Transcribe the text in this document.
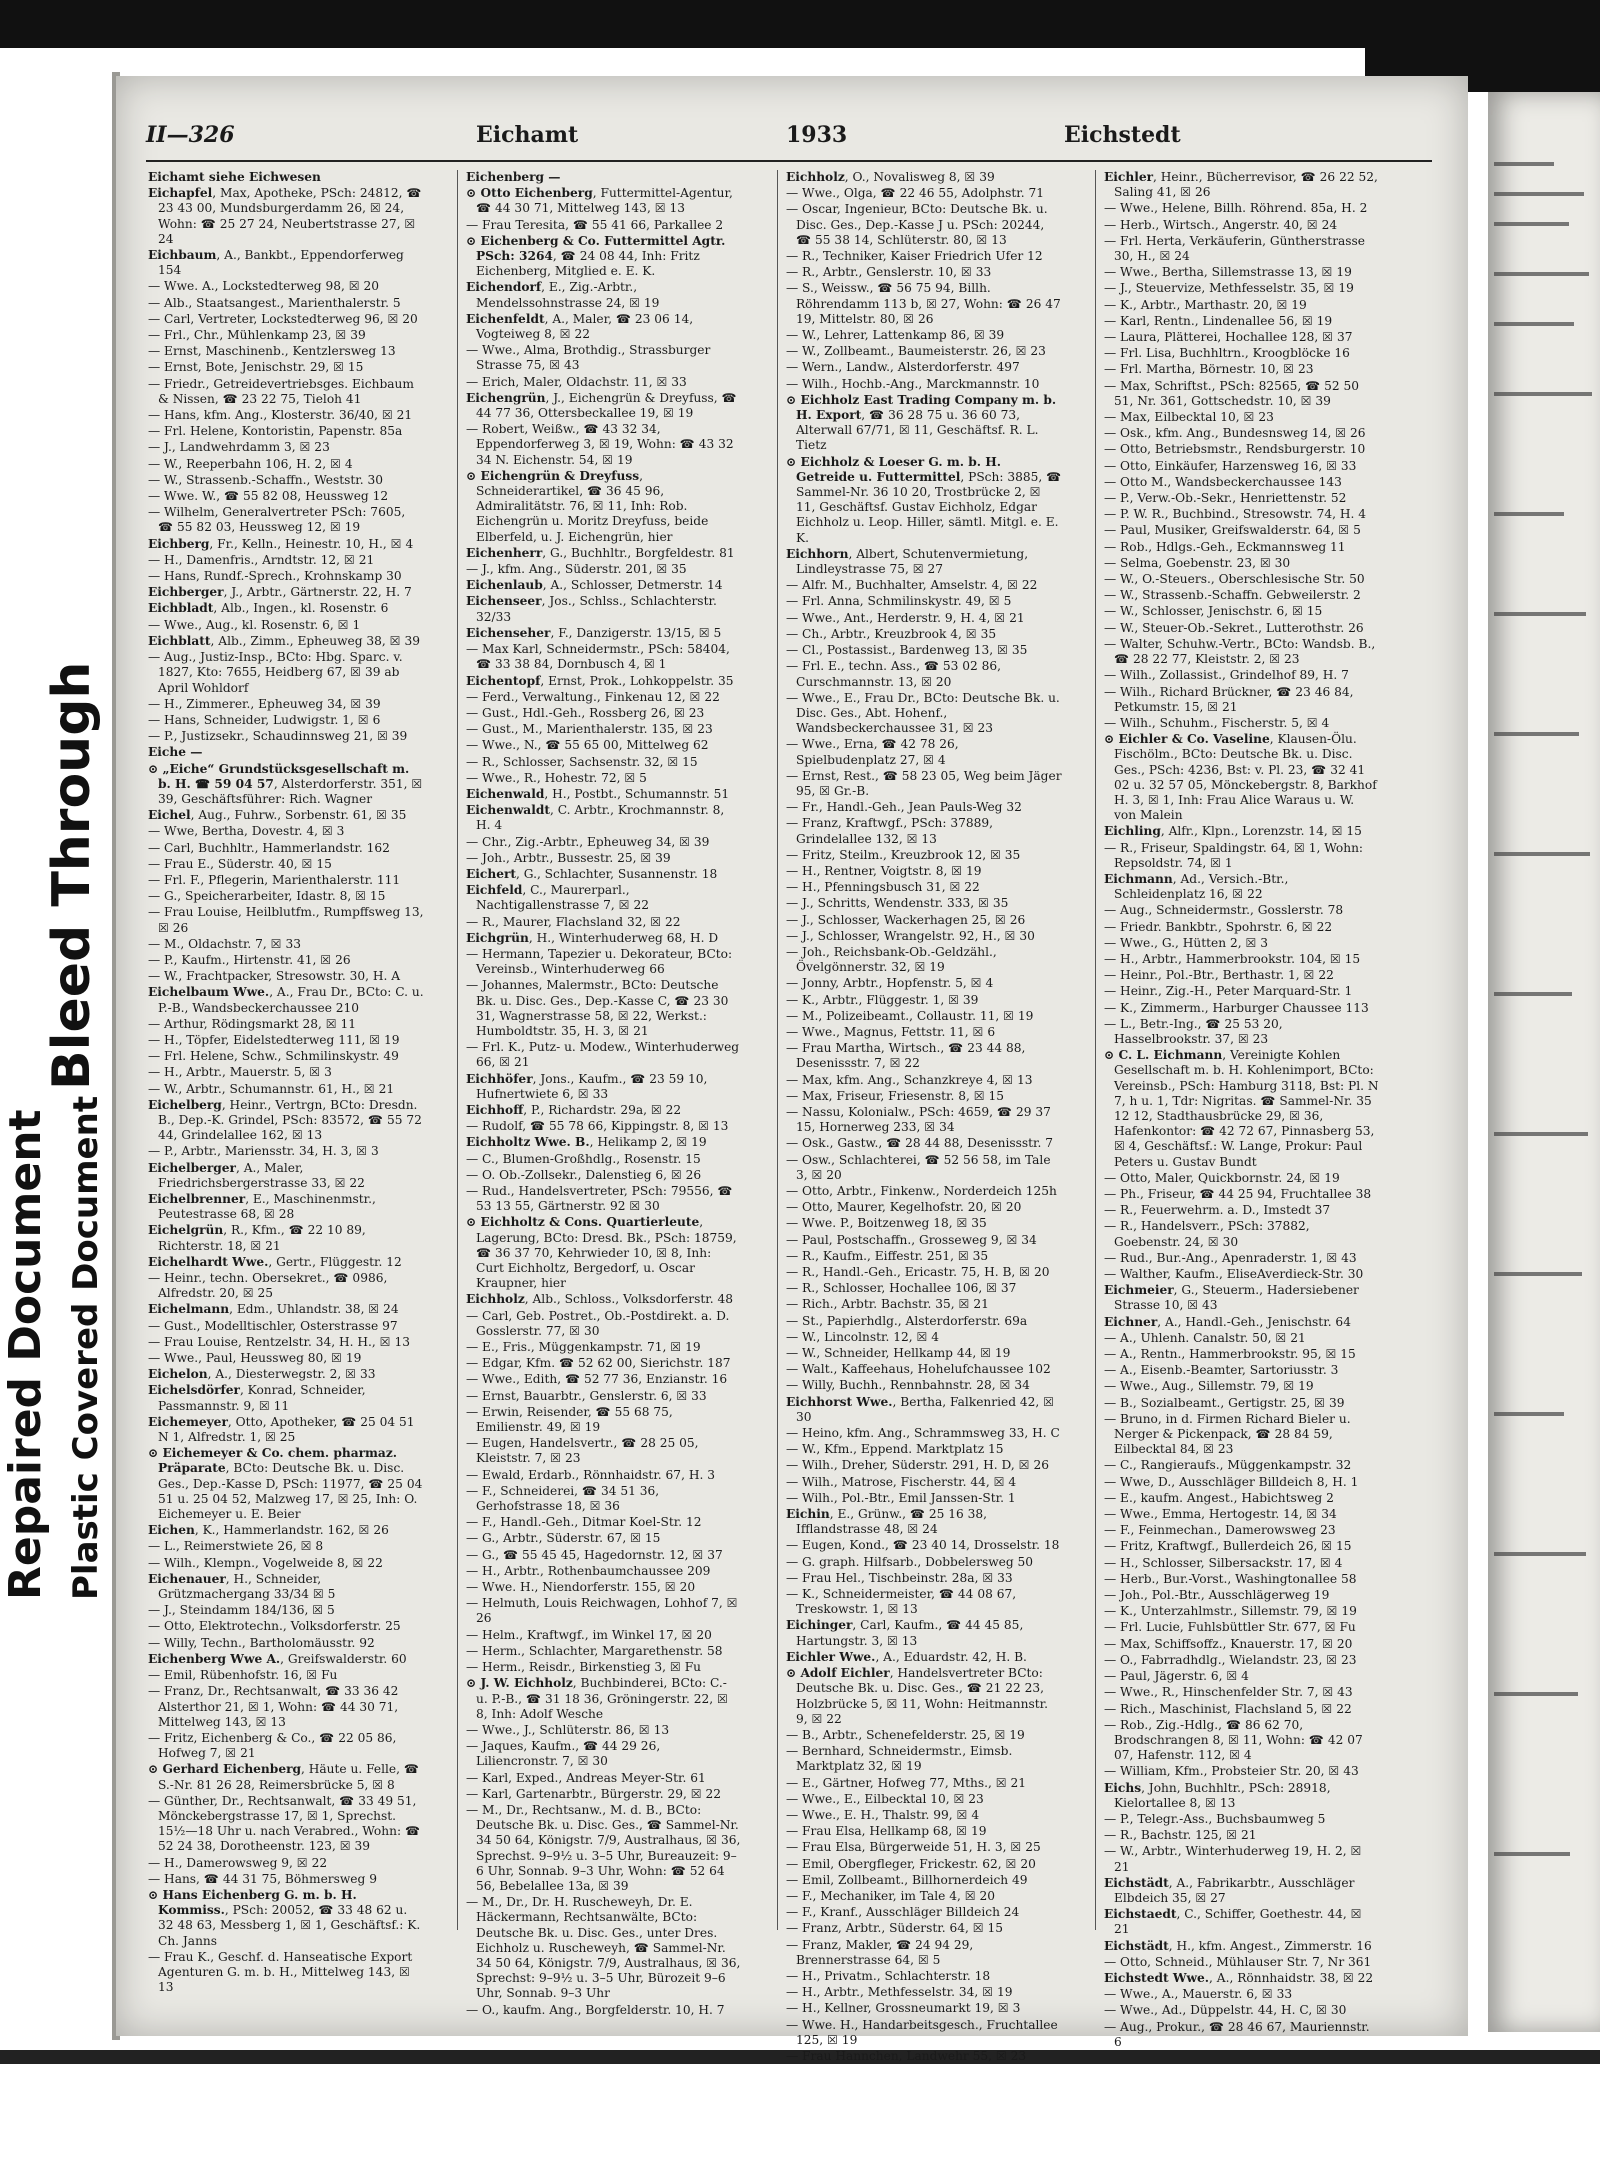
Repaired Document Plastic Covered Document
Bleed Through
II—326	Eichamt	1933	Eichstedt
Eichamt siehe Eichwesen
Eichapfel, Max, Apotheke, PSch: 24812, ☎ 23 43 00, Mundsburgerdamm 26, ☒ 24, Wohn: ☎ 25 27 24, Neubertstrasse 27, ☒ 24
Eichbaum, A., Bankbt., Eppendorferweg 154
— Wwe. A., Lockstedterweg 98, ☒ 20
— Alb., Staatsangest., Marienthalerstr. 5
— Carl, Vertreter, Lockstedterweg 96, ☒ 20
— Frl., Chr., Mühlenkamp 23, ☒ 39
— Ernst, Maschinenb., Kentzlersweg 13
— Ernst, Bote, Jenischstr. 29, ☒ 15
— Friedr., Getreidevertriebsges. Eichbaum & Nissen, ☎ 23 22 75, Tieloh 41
— Hans, kfm. Ang., Klosterstr. 36/40, ☒ 21
— Frl. Helene, Kontoristin, Papenstr. 85a
— J., Landwehrdamm 3, ☒ 23
— W., Reeperbahn 106, H. 2, ☒ 4
— W., Strassenb.-Schaffn., Weststr. 30
— Wwe. W., ☎ 55 82 08, Heussweg 12
— Wilhelm, Generalvertreter PSch: 7605, ☎ 55 82 03, Heussweg 12, ☒ 19
Eichberg, Fr., Kelln., Heinestr. 10, H., ☒ 4
— H., Damenfris., Arndtstr. 12, ☒ 21
— Hans, Rundf.-Sprech., Krohnskamp 30
Eichberger, J., Arbtr., Gärtnerstr. 22, H. 7
Eichbladt, Alb., Ingen., kl. Rosenstr. 6
— Wwe., Aug., kl. Rosenstr. 6, ☒ 1
Eichblatt, Alb., Zimm., Epheuweg 38, ☒ 39
— Aug., Justiz-Insp., BCto: Hbg. Sparc. v. 1827, Kto: 7655, Heidberg 67, ☒ 39 ab April Wohldorf
— H., Zimmerer., Epheuweg 34, ☒ 39
— Hans, Schneider, Ludwigstr. 1, ☒ 6
— P., Justizsekr., Schaudinnsweg 21, ☒ 39
Eiche —
⊙ „Eiche“ Grundstücksgesellschaft m. b. H. ☎ 59 04 57, Alsterdorferstr. 351, ☒ 39, Geschäftsführer: Rich. Wagner
Eichel, Aug., Fuhrw., Sorbenstr. 61, ☒ 35
— Wwe, Bertha, Dovestr. 4, ☒ 3
— Carl, Buchhltr., Hammerlandstr. 162
— Frau E., Süderstr. 40, ☒ 15
— Frl. F., Pflegerin, Marienthalerstr. 111
— G., Speicherarbeiter, Idastr. 8, ☒ 15
— Frau Louise, Heilblutfm., Rumpffsweg 13, ☒ 26
— M., Oldachstr. 7, ☒ 33
— P., Kaufm., Hirtenstr. 41, ☒ 26
— W., Frachtpacker, Stresowstr. 30, H. A
Eichelbaum Wwe., A., Frau Dr., BCto: C. u. P.-B., Wandsbeckerchaussee 210
— Arthur, Rödingsmarkt 28, ☒ 11
— H., Töpfer, Eidelstedterweg 111, ☒ 19
— Frl. Helene, Schw., Schmilinskystr. 49
— H., Arbtr., Mauerstr. 5, ☒ 3
— W., Arbtr., Schumannstr. 61, H., ☒ 21
Eichelberg, Heinr., Vertrgn, BCto: Dresdn. B., Dep.-K. Grindel, PSch: 83572, ☎ 55 72 44, Grindelallee 162, ☒ 13
— P., Arbtr., Mariensstr. 34, H. 3, ☒ 3
Eichelberger, A., Maler, Friedrichsbergerstrasse 33, ☒ 22
Eichelbrenner, E., Maschinenmstr., Peutestrasse 68, ☒ 28
Eichelgrün, R., Kfm., ☎ 22 10 89, Richterstr. 18, ☒ 21
Eichelhardt Wwe., Gertr., Flüggestr. 12
— Heinr., techn. Obersekret., ☎ 0986, Alfredstr. 20, ☒ 25
Eichelmann, Edm., Uhlandstr. 38, ☒ 24
— Gust., Modelltischler, Osterstrasse 97
— Frau Louise, Rentzelstr. 34, H. H., ☒ 13
— Wwe., Paul, Heussweg 80, ☒ 19
Eichelon, A., Diesterwegstr. 2, ☒ 33
Eichelsdörfer, Konrad, Schneider, Passmannstr. 9, ☒ 11
Eichemeyer, Otto, Apotheker, ☎ 25 04 51 N 1, Alfredstr. 1, ☒ 25
⊙ Eichemeyer & Co. chem. pharmaz. Präparate, BCto: Deutsche Bk. u. Disc. Ges., Dep.-Kasse D, PSch: 11977, ☎ 25 04 51 u. 25 04 52, Malzweg 17, ☒ 25, Inh: O. Eichemeyer u. E. Beier
Eichen, K., Hammerlandstr. 162, ☒ 26
— L., Reimerstwiete 26, ☒ 8
— Wilh., Klempn., Vogelweide 8, ☒ 22
Eichenauer, H., Schneider, Grützmachergang 33/34 ☒ 5
— J., Steindamm 184/136, ☒ 5
— Otto, Elektrotechn., Volksdorferstr. 25
— Willy, Techn., Bartholomäusstr. 92
Eichenberg Wwe A., Greifswalderstr. 60
— Emil, Rübenhofstr. 16, ☒ Fu
— Franz, Dr., Rechtsanwalt, ☎ 33 36 42 Alsterthor 21, ☒ 1, Wohn: ☎ 44 30 71, Mittelweg 143, ☒ 13
— Fritz, Eichenberg & Co., ☎ 22 05 86, Hofweg 7, ☒ 21
⊙ Gerhard Eichenberg, Häute u. Felle, ☎ S.-Nr. 81 26 28, Reimersbrücke 5, ☒ 8
— Günther, Dr., Rechtsanwalt, ☎ 33 49 51, Mönckebergstrasse 17, ☒ 1, Sprechst. 15½—18 Uhr u. nach Verabred., Wohn: ☎ 52 24 38, Dorotheenstr. 123, ☒ 39
— H., Damerowsweg 9, ☒ 22
— Hans, ☎ 44 31 75, Böhmersweg 9
⊙ Hans Eichenberg G. m. b. H. Kommiss., PSch: 20052, ☎ 33 48 62 u. 32 48 63, Messberg 1, ☒ 1, Geschäftsf.: K. Ch. Janns
— Frau K., Geschf. d. Hanseatische Export Agenturen G. m. b. H., Mittelweg 143, ☒ 13
Eichenberg —
⊙ Otto Eichenberg, Futtermittel-Agentur, ☎ 44 30 71, Mittelweg 143, ☒ 13
— Frau Teresita, ☎ 55 41 66, Parkallee 2
⊙ Eichenberg & Co. Futtermittel Agtr. PSch: 3264, ☎ 24 08 44, Inh: Fritz Eichenberg, Mitglied e. E. K.
Eichendorf, E., Zig.-Arbtr., Mendelssohnstrasse 24, ☒ 19
Eichenfeldt, A., Maler, ☎ 23 06 14, Vogteiweg 8, ☒ 22
— Wwe., Alma, Brothdig., Strassburger Strasse 75, ☒ 43
— Erich, Maler, Oldachstr. 11, ☒ 33
Eichengrün, J., Eichengrün & Dreyfuss, ☎ 44 77 36, Ottersbeckallee 19, ☒ 19
— Robert, Weißw., ☎ 43 32 34, Eppendorferweg 3, ☒ 19, Wohn: ☎ 43 32 34 N. Eichenstr. 54, ☒ 19
⊙ Eichengrün & Dreyfuss, Schneiderartikel, ☎ 36 45 96, Admiralitätstr. 76, ☒ 11, Inh: Rob. Eichengrün u. Moritz Dreyfuss, beide Elberfeld, u. J. Eichengrün, hier
Eichenherr, G., Buchhltr., Borgfeldestr. 81
— J., kfm. Ang., Süderstr. 201, ☒ 35
Eichenlaub, A., Schlosser, Detmerstr. 14
Eichenseer, Jos., Schlss., Schlachterstr. 32/33
Eichenseher, F., Danzigerstr. 13/15, ☒ 5
— Max Karl, Schneidermstr., PSch: 58404, ☎ 33 38 84, Dornbusch 4, ☒ 1
Eichentopf, Ernst, Prok., Lohkoppelstr. 35
— Ferd., Verwaltung., Finkenau 12, ☒ 22
— Gust., Hdl.-Geh., Rossberg 26, ☒ 23
— Gust., M., Marienthalerstr. 135, ☒ 23
— Wwe., N., ☎ 55 65 00, Mittelweg 62
— R., Schlosser, Sachsenstr. 32, ☒ 15
— Wwe., R., Hohestr. 72, ☒ 5
Eichenwald, H., Postbt., Schumannstr. 51
Eichenwaldt, C. Arbtr., Krochmannstr. 8, H. 4
— Chr., Zig.-Arbtr., Epheuweg 34, ☒ 39
— Joh., Arbtr., Bussestr. 25, ☒ 39
Eichert, G., Schlachter, Susannenstr. 18
Eichfeld, C., Maurerparl., Nachtigallenstrasse 7, ☒ 22
— R., Maurer, Flachsland 32, ☒ 22
Eichgrün, H., Winterhuderweg 68, H. D
— Hermann, Tapezier u. Dekorateur, BCto: Vereinsb., Winterhuderweg 66
— Johannes, Malermstr., BCto: Deutsche Bk. u. Disc. Ges., Dep.-Kasse C, ☎ 23 30 31, Wagnerstrasse 58, ☒ 22, Werkst.: Humboldtstr. 35, H. 3, ☒ 21
— Frl. K., Putz- u. Modew., Winterhuderweg 66, ☒ 21
Eichhöfer, Jons., Kaufm., ☎ 23 59 10, Hufnertwiete 6, ☒ 33
Eichhoff, P., Richardstr. 29a, ☒ 22
— Rudolf, ☎ 55 78 66, Kippingstr. 8, ☒ 13
Eichholtz Wwe. B., Helikamp 2, ☒ 19
— C., Blumen-Großhdlg., Rosenstr. 15
— O. Ob.-Zollsekr., Dalenstieg 6, ☒ 26
— Rud., Handelsvertreter, PSch: 79556, ☎ 53 13 55, Gärtnerstr. 92 ☒ 30
⊙ Eichholtz & Cons. Quartierleute, Lagerung, BCto: Dresd. Bk., PSch: 18759, ☎ 36 37 70, Kehrwieder 10, ☒ 8, Inh: Curt Eichholtz, Bergedorf, u. Oscar Kraupner, hier
Eichholz, Alb., Schloss., Volksdorferstr. 48
— Carl, Geb. Postret., Ob.-Postdirekt. a. D. Gosslerstr. 77, ☒ 30
— E., Fris., Müggenkampstr. 71, ☒ 19
— Edgar, Kfm. ☎ 52 62 00, Sierichstr. 187
— Wwe., Edith, ☎ 52 77 36, Enzianstr. 16
— Ernst, Bauarbtr., Genslerstr. 6, ☒ 33
— Erwin, Reisender, ☎ 55 68 75, Emilienstr. 49, ☒ 19
— Eugen, Handelsvertr., ☎ 28 25 05, Kleiststr. 7, ☒ 23
— Ewald, Erdarb., Rönnhaidstr. 67, H. 3
— F., Schneiderei, ☎ 34 51 36, Gerhofstrasse 18, ☒ 36
— F., Handl.-Geh., Ditmar Koel-Str. 12
— G., Arbtr., Süderstr. 67, ☒ 15
— G., ☎ 55 45 45, Hagedornstr. 12, ☒ 37
— H., Arbtr., Rothenbaumchaussee 209
— Wwe. H., Niendorferstr. 155, ☒ 20
— Helmuth, Louis Reichwagen, Lohhof 7, ☒ 26
— Helm., Kraftwgf., im Winkel 17, ☒ 20
— Herm., Schlachter, Margarethenstr. 58
— Herm., Reisdr., Birkenstieg 3, ☒ Fu
⊙ J. W. Eichholz, Buchbinderei, BCto: C.- u. P.-B., ☎ 31 18 36, Gröningerstr. 22, ☒ 8, Inh: Adolf Wesche
— Wwe., J., Schlüterstr. 86, ☒ 13
— Jaques, Kaufm., ☎ 44 29 26, Liliencronstr. 7, ☒ 30
— Karl, Exped., Andreas Meyer-Str. 61
— Karl, Gartenarbtr., Bürgerstr. 29, ☒ 22
— M., Dr., Rechtsanw., M. d. B., BCto: Deutsche Bk. u. Disc. Ges., ☎ Sammel-Nr. 34 50 64, Königstr. 7/9, Australhaus, ☒ 36, Sprechst. 9–9½ u. 3–5 Uhr, Bureauzeit: 9–6 Uhr, Sonnab. 9–3 Uhr, Wohn: ☎ 52 64 56, Bebelallee 13a, ☒ 39
— M., Dr., Dr. H. Ruscheweyh, Dr. E. Häckermann, Rechtsanwälte, BCto: Deutsche Bk. u. Disc. Ges., unter Dres. Eichholz u. Ruscheweyh, ☎ Sammel-Nr. 34 50 64, Königstr. 7/9, Australhaus, ☒ 36, Sprechst: 9–9½ u. 3–5 Uhr, Bürozeit 9–6 Uhr, Sonnab. 9–3 Uhr
— O., kaufm. Ang., Borgfelderstr. 10, H. 7
Eichholz, O., Novalisweg 8, ☒ 39
— Wwe., Olga, ☎ 22 46 55, Adolphstr. 71
— Oscar, Ingenieur, BCto: Deutsche Bk. u. Disc. Ges., Dep.-Kasse J u. PSch: 20244, ☎ 55 38 14, Schlüterstr. 80, ☒ 13
— R., Techniker, Kaiser Friedrich Ufer 12
— R., Arbtr., Genslerstr. 10, ☒ 33
— S., Weissw., ☎ 56 75 94, Billh. Röhrendamm 113 b, ☒ 27, Wohn: ☎ 26 47 19, Mittelstr. 80, ☒ 26
— W., Lehrer, Lattenkamp 86, ☒ 39
— W., Zollbeamt., Baumeisterstr. 26, ☒ 23
— Wern., Landw., Alsterdorferstr. 497
— Wilh., Hochb.-Ang., Marckmannstr. 10
⊙ Eichholz East Trading Company m. b. H. Export, ☎ 36 28 75 u. 36 60 73, Alterwall 67/71, ☒ 11, Geschäftsf. R. L. Tietz
⊙ Eichholz & Loeser G. m. b. H. Getreide u. Futtermittel, PSch: 3885, ☎ Sammel-Nr. 36 10 20, Trostbrücke 2, ☒ 11, Geschäftsf. Gustav Eichholz, Edgar Eichholz u. Leop. Hiller, sämtl. Mitgl. e. E. K.
Eichhorn, Albert, Schutenvermietung, Lindleystrasse 75, ☒ 27
— Alfr. M., Buchhalter, Amselstr. 4, ☒ 22
— Frl. Anna, Schmilinskystr. 49, ☒ 5
— Wwe., Ant., Herderstr. 9, H. 4, ☒ 21
— Ch., Arbtr., Kreuzbrook 4, ☒ 35
— Cl., Postassist., Bardenweg 13, ☒ 35
— Frl. E., techn. Ass., ☎ 53 02 86, Curschmannstr. 13, ☒ 20
— Wwe., E., Frau Dr., BCto: Deutsche Bk. u. Disc. Ges., Abt. Hohenf., Wandsbeckerchaussee 31, ☒ 23
— Wwe., Erna, ☎ 42 78 26, Spielbudenplatz 27, ☒ 4
— Ernst, Rest., ☎ 58 23 05, Weg beim Jäger 95, ☒ Gr.-B.
— Fr., Handl.-Geh., Jean Pauls-Weg 32
— Franz, Kraftwgf., PSch: 37889, Grindelallee 132, ☒ 13
— Fritz, Steilm., Kreuzbrook 12, ☒ 35
— H., Rentner, Voigtstr. 8, ☒ 19
— H., Pfenningsbusch 31, ☒ 22
— J., Schritts, Wendenstr. 333, ☒ 35
— J., Schlosser, Wackerhagen 25, ☒ 26
— J., Schlosser, Wrangelstr. 92, H., ☒ 30
— Joh., Reichsbank-Ob.-Geldzähl., Övelgönnerstr. 32, ☒ 19
— Jonny, Arbtr., Hopfenstr. 5, ☒ 4
— K., Arbtr., Flüggestr. 1, ☒ 39
— M., Polizeibeamt., Collaustr. 11, ☒ 19
— Wwe., Magnus, Fettstr. 11, ☒ 6
— Frau Martha, Wirtsch., ☎ 23 44 88, Desenissstr. 7, ☒ 22
— Max, kfm. Ang., Schanzkreye 4, ☒ 13
— Max, Friseur, Friesenstr. 8, ☒ 15
— Nassu, Kolonialw., PSch: 4659, ☎ 29 37 15, Hornerweg 233, ☒ 34
— Osk., Gastw., ☎ 28 44 88, Desenissstr. 7
— Osw., Schlachterei, ☎ 52 56 58, im Tale 3, ☒ 20
— Otto, Arbtr., Finkenw., Norderdeich 125h
— Otto, Maurer, Kegelhofstr. 20, ☒ 20
— Wwe. P., Boitzenweg 18, ☒ 35
— Paul, Postschaffn., Grosseweg 9, ☒ 34
— R., Kaufm., Eiffestr. 251, ☒ 35
— R., Handl.-Geh., Ericastr. 75, H. B, ☒ 20
— R., Schlosser, Hochallee 106, ☒ 37
— Rich., Arbtr. Bachstr. 35, ☒ 21
— St., Papierhdlg., Alsterdorferstr. 69a
— W., Lincolnstr. 12, ☒ 4
— W., Schneider, Hellkamp 44, ☒ 19
— Walt., Kaffeehaus, Hohelufchaussee 102
— Willy, Buchh., Rennbahnstr. 28, ☒ 34
Eichhorst Wwe., Bertha, Falkenried 42, ☒ 30
— Heino, kfm. Ang., Schrammsweg 33, H. C
— W., Kfm., Eppend. Marktplatz 15
— Wilh., Dreher, Süderstr. 291, H. D, ☒ 26
— Wilh., Matrose, Fischerstr. 44, ☒ 4
— Wilh., Pol.-Btr., Emil Janssen-Str. 1
Eichin, E., Grünw., ☎ 25 16 38, Ifflandstrasse 48, ☒ 24
— Eugen, Kond., ☎ 23 40 14, Drosselstr. 18
— G. graph. Hilfsarb., Dobbelersweg 50
— Frau Hel., Tischbeinstr. 28a, ☒ 33
— K., Schneidermeister, ☎ 44 08 67, Treskowstr. 1, ☒ 13
Eichinger, Carl, Kaufm., ☎ 44 45 85, Hartungstr. 3, ☒ 13
Eichler Wwe., A., Eduardstr. 42, H. B.
⊙ Adolf Eichler, Handelsvertreter BCto: Deutsche Bk. u. Disc. Ges., ☎ 21 22 23, Holzbrücke 5, ☒ 11, Wohn: Heitmannstr. 9, ☒ 22
— B., Arbtr., Schenefelderstr. 25, ☒ 19
— Bernhard, Schneidermstr., Eimsb. Marktplatz 32, ☒ 19
— E., Gärtner, Hofweg 77, Mths., ☒ 21
— Wwe., E., Eilbecktal 10, ☒ 23
— Wwe., E. H., Thalstr. 99, ☒ 4
— Frau Elsa, Hellkamp 68, ☒ 19
— Frau Elsa, Bürgerweide 51, H. 3, ☒ 25
— Emil, Obergfleger, Frickestr. 62, ☒ 20
— Emil, Zollbeamt., Billhornerdeich 49
— F., Mechaniker, im Tale 4, ☒ 20
— F., Kranf., Ausschläger Billdeich 24
— Franz, Arbtr., Süderstr. 64, ☒ 15
— Franz, Makler, ☎ 24 94 29, Brennerstrasse 64, ☒ 5
— H., Privatm., Schlachterstr. 18
— H., Arbtr., Methfesselstr. 34, ☒ 19
— H., Kellner, Grossneumarkt 19, ☒ 3
— Wwe. H., Handarbeitsgesch., Fruchtallee 125, ☒ 19
— Frau Hannchen, Landwehr 55, ☒ 23
Eichler, Heinr., Bücherrevisor, ☎ 26 22 52, Saling 41, ☒ 26
— Wwe., Helene, Billh. Röhrend. 85a, H. 2
— Herb., Wirtsch., Angerstr. 40, ☒ 24
— Frl. Herta, Verkäuferin, Güntherstrasse 30, H., ☒ 24
— Wwe., Bertha, Sillemstrasse 13, ☒ 19
— J., Steuervize, Methfesselstr. 35, ☒ 19
— K., Arbtr., Marthastr. 20, ☒ 19
— Karl, Rentn., Lindenallee 56, ☒ 19
— Laura, Plätterei, Hochallee 128, ☒ 37
— Frl. Lisa, Buchhltrn., Kroogblöcke 16
— Frl. Martha, Börnestr. 10, ☒ 23
— Max, Schriftst., PSch: 82565, ☎ 52 50 51, Nr. 361, Gottschedstr. 10, ☒ 39
— Max, Eilbecktal 10, ☒ 23
— Osk., kfm. Ang., Bundesnsweg 14, ☒ 26
— Otto, Betriebsmstr., Rendsburgerstr. 10
— Otto, Einkäufer, Harzensweg 16, ☒ 33
— Otto M., Wandsbeckerchaussee 143
— P., Verw.-Ob.-Sekr., Henriettenstr. 52
— P. W. R., Buchbind., Stresowstr. 74, H. 4
— Paul, Musiker, Greifswalderstr. 64, ☒ 5
— Rob., Hdlgs.-Geh., Eckmannsweg 11
— Selma, Goebenstr. 23, ☒ 30
— W., O.-Steuers., Oberschlesische Str. 50
— W., Strassenb.-Schaffn. Gebweilerstr. 2
— W., Schlosser, Jenischstr. 6, ☒ 15
— W., Steuer-Ob.-Sekret., Lutterothstr. 26
— Walter, Schuhw.-Vertr., BCto: Wandsb. B., ☎ 28 22 77, Kleiststr. 2, ☒ 23
— Wilh., Zollassist., Grindelhof 89, H. 7
— Wilh., Richard Brückner, ☎ 23 46 84, Petkumstr. 15, ☒ 21
— Wilh., Schuhm., Fischerstr. 5, ☒ 4
⊙ Eichler & Co. Vaseline, Klausen-Ölu. Fischölm., BCto: Deutsche Bk. u. Disc. Ges., PSch: 4236, Bst: v. Pl. 23, ☎ 32 41 02 u. 32 57 05, Mönckebergstr. 8, Barkhof H. 3, ☒ 1, Inh: Frau Alice Waraus u. W. von Malein
Eichling, Alfr., Klpn., Lorenzstr. 14, ☒ 15
— R., Friseur, Spaldingstr. 64, ☒ 1, Wohn: Repsoldstr. 74, ☒ 1
Eichmann, Ad., Versich.-Btr., Schleidenplatz 16, ☒ 22
— Aug., Schneidermstr., Gosslerstr. 78
— Friedr. Bankbtr., Spohrstr. 6, ☒ 22
— Wwe., G., Hütten 2, ☒ 3
— H., Arbtr., Hammerbrookstr. 104, ☒ 15
— Heinr., Pol.-Btr., Berthastr. 1, ☒ 22
— Heinr., Zig.-H., Peter Marquard-Str. 1
— K., Zimmerm., Harburger Chaussee 113
— L., Betr.-Ing., ☎ 25 53 20, Hasselbrookstr. 37, ☒ 23
⊙ C. L. Eichmann, Vereinigte Kohlen Gesellschaft m. b. H. Kohlenimport, BCto: Vereinsb., PSch: Hamburg 3118, Bst: Pl. N 7, h u. 1, Tdr: Nigritas. ☎ Sammel-Nr. 35 12 12, Stadthausbrücke 29, ☒ 36, Hafenkontor: ☎ 42 72 67, Pinnasberg 53, ☒ 4, Geschäftsf.: W. Lange, Prokur: Paul Peters u. Gustav Bundt
— Otto, Maler, Quickbornstr. 24, ☒ 19
— Ph., Friseur, ☎ 44 25 94, Fruchtallee 38
— R., Feuerwehrm. a. D., Imstedt 37
— R., Handelsverr., PSch: 37882, Goebenstr. 24, ☒ 30
— Rud., Bur.-Ang., Apenraderstr. 1, ☒ 43
— Walther, Kaufm., EliseAverdieck-Str. 30
Eichmeier, G., Steuerm., Hadersiebener Strasse 10, ☒ 43
Eichner, A., Handl.-Geh., Jenischstr. 64
— A., Uhlenh. Canalstr. 50, ☒ 21
— A., Rentn., Hammerbrookstr. 95, ☒ 15
— A., Eisenb.-Beamter, Sartoriusstr. 3
— Wwe., Aug., Sillemstr. 79, ☒ 19
— B., Sozialbeamt., Gertigstr. 25, ☒ 39
— Bruno, in d. Firmen Richard Bieler u. Nerger & Pickenpack, ☎ 28 84 59, Eilbecktal 84, ☒ 23
— C., Rangieraufs., Müggenkampstr. 32
— Wwe, D., Ausschläger Billdeich 8, H. 1
— E., kaufm. Angest., Habichtsweg 2
— Wwe., Emma, Hertogestr. 14, ☒ 34
— F., Feinmechan., Damerowsweg 23
— Fritz, Kraftwgf., Bullerdeich 26, ☒ 15
— H., Schlosser, Silbersackstr. 17, ☒ 4
— Herb., Bur.-Vorst., Washingtonallee 58
— Joh., Pol.-Btr., Ausschlägerweg 19
— K., Unterzahlmstr., Sillemstr. 79, ☒ 19
— Frl. Lucie, Fuhlsbüttler Str. 677, ☒ Fu
— Max, Schiffsoffz., Knauerstr. 17, ☒ 20
— O., Fabrradhdlg., Wielandstr. 23, ☒ 23
— Paul, Jägerstr. 6, ☒ 4
— Wwe., R., Hinschenfelder Str. 7, ☒ 43
— Rich., Maschinist, Flachsland 5, ☒ 22
— Rob., Zig.-Hdlg., ☎ 86 62 70, Brodschrangen 8, ☒ 11, Wohn: ☎ 42 07 07, Hafenstr. 112, ☒ 4
— William, Kfm., Probsteier Str. 20, ☒ 43
Eichs, John, Buchhltr., PSch: 28918, Kielortallee 8, ☒ 13
— P., Telegr.-Ass., Buchsbaumweg 5
— R., Bachstr. 125, ☒ 21
— W., Arbtr., Winterhuderweg 19, H. 2, ☒ 21
Eichstädt, A., Fabrikarbtr., Ausschläger Elbdeich 35, ☒ 27
Eichstaedt, C., Schiffer, Goethestr. 44, ☒ 21
Eichstädt, H., kfm. Angest., Zimmerstr. 16
— Otto, Schneid., Mühlauser Str. 7, Nr 361
Eichstedt Wwe., A., Rönnhaidstr. 38, ☒ 22
— Wwe., A., Mauerstr. 6, ☒ 33
— Wwe., Ad., Düppelstr. 44, H. C, ☒ 30
— Aug., Prokur., ☎ 28 46 67, Mauriennstr. 6
